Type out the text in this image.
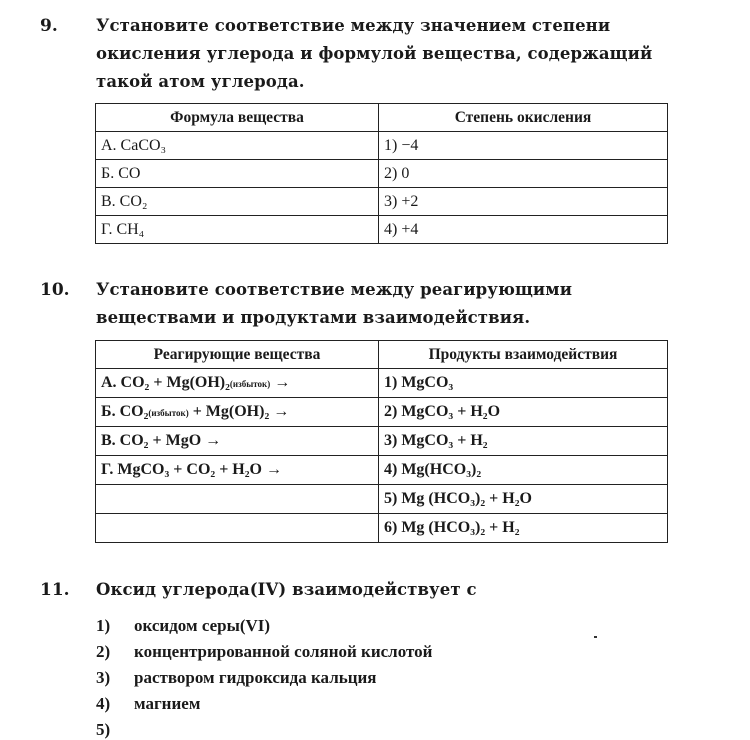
9. Установите соответствие между значением степени окисления углерода и формулой вещества, содержащий такой атом углерода.
Формула вещества	Степень окисления
А. CaCO₃	1) −4
Б. CO	2) 0
В. CO₂	3) +2
Г. CH₄	4) +4
10. Установите соответствие между реагирующими веществами и продуктами взаимодействия.
Реагирующие вещества	Продукты взаимодействия
А. CO₂ + Mg(OH)₂(избыток) →	1) MgCO₃
Б. CO₂(избыток) + Mg(OH)₂ →	2) MgCO₃ + H₂O
В. CO₂ + MgO →	3) MgCO₃ + H₂
Г. MgCO₃ + CO₂ + H₂O →	4) Mg(HCO₃)₂
	5) Mg (HCO₃)₂ + H₂O
	6) Mg (HCO₃)₂ + H₂
11. Оксид углерода(IV) взаимодействует с
1) оксидом серы(VI)
2) концентрированной соляной кислотой
3) раствором гидроксида кальция
4) магнием
5)
